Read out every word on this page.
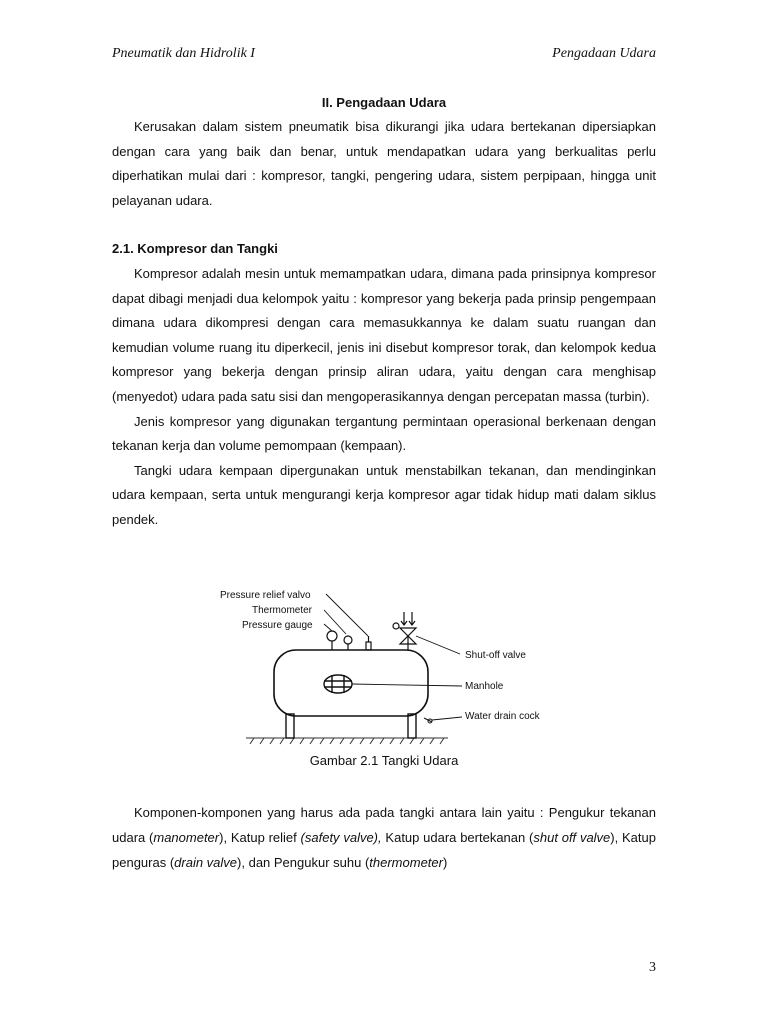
Pneumatik dan Hidrolik I	Pengadaan Udara
II. Pengadaan Udara

Kerusakan dalam sistem pneumatik bisa dikurangi jika udara bertekanan dipersiapkan dengan cara yang baik dan benar, untuk mendapatkan udara yang berkualitas perlu diperhatikan mulai dari : kompresor, tangki, pengering udara, sistem perpipaan, hingga unit pelayanan udara.

2.1. Kompresor dan Tangki

Kompresor adalah mesin untuk memampatkan udara, dimana pada prinsipnya kompresor dapat dibagi menjadi dua kelompok yaitu : kompresor yang bekerja pada prinsip pengempaan dimana udara dikompresi dengan cara memasukkannya ke dalam suatu ruangan dan kemudian volume ruang itu diperkecil, jenis ini disebut kompresor torak, dan kelompok kedua kompresor yang bekerja dengan prinsip aliran udara, yaitu dengan cara menghisap (menyedot) udara pada satu sisi dan mengoperasikannya dengan percepatan massa (turbin).

Jenis kompresor yang digunakan tergantung permintaan operasional berkenaan dengan tekanan kerja dan volume pemompaan (kempaan).

Tangki udara kempaan dipergunakan untuk menstabilkan tekanan, dan mendinginkan udara kempaan, serta untuk mengurangi kerja kompresor agar tidak hidup mati dalam siklus pendek.

Pressure relief valvo
Thermometer
Pressure gauge
Shut-off valve
Manhole
Water drain cock
Gambar 2.1 Tangki Udara
Komponen-komponen yang harus ada pada tangki antara lain yaitu : Pengukur tekanan udara (manometer), Katup relief (safety valve), Katup udara bertekanan (shut off valve), Katup penguras (drain valve), dan Pengukur suhu (thermometer)
3
